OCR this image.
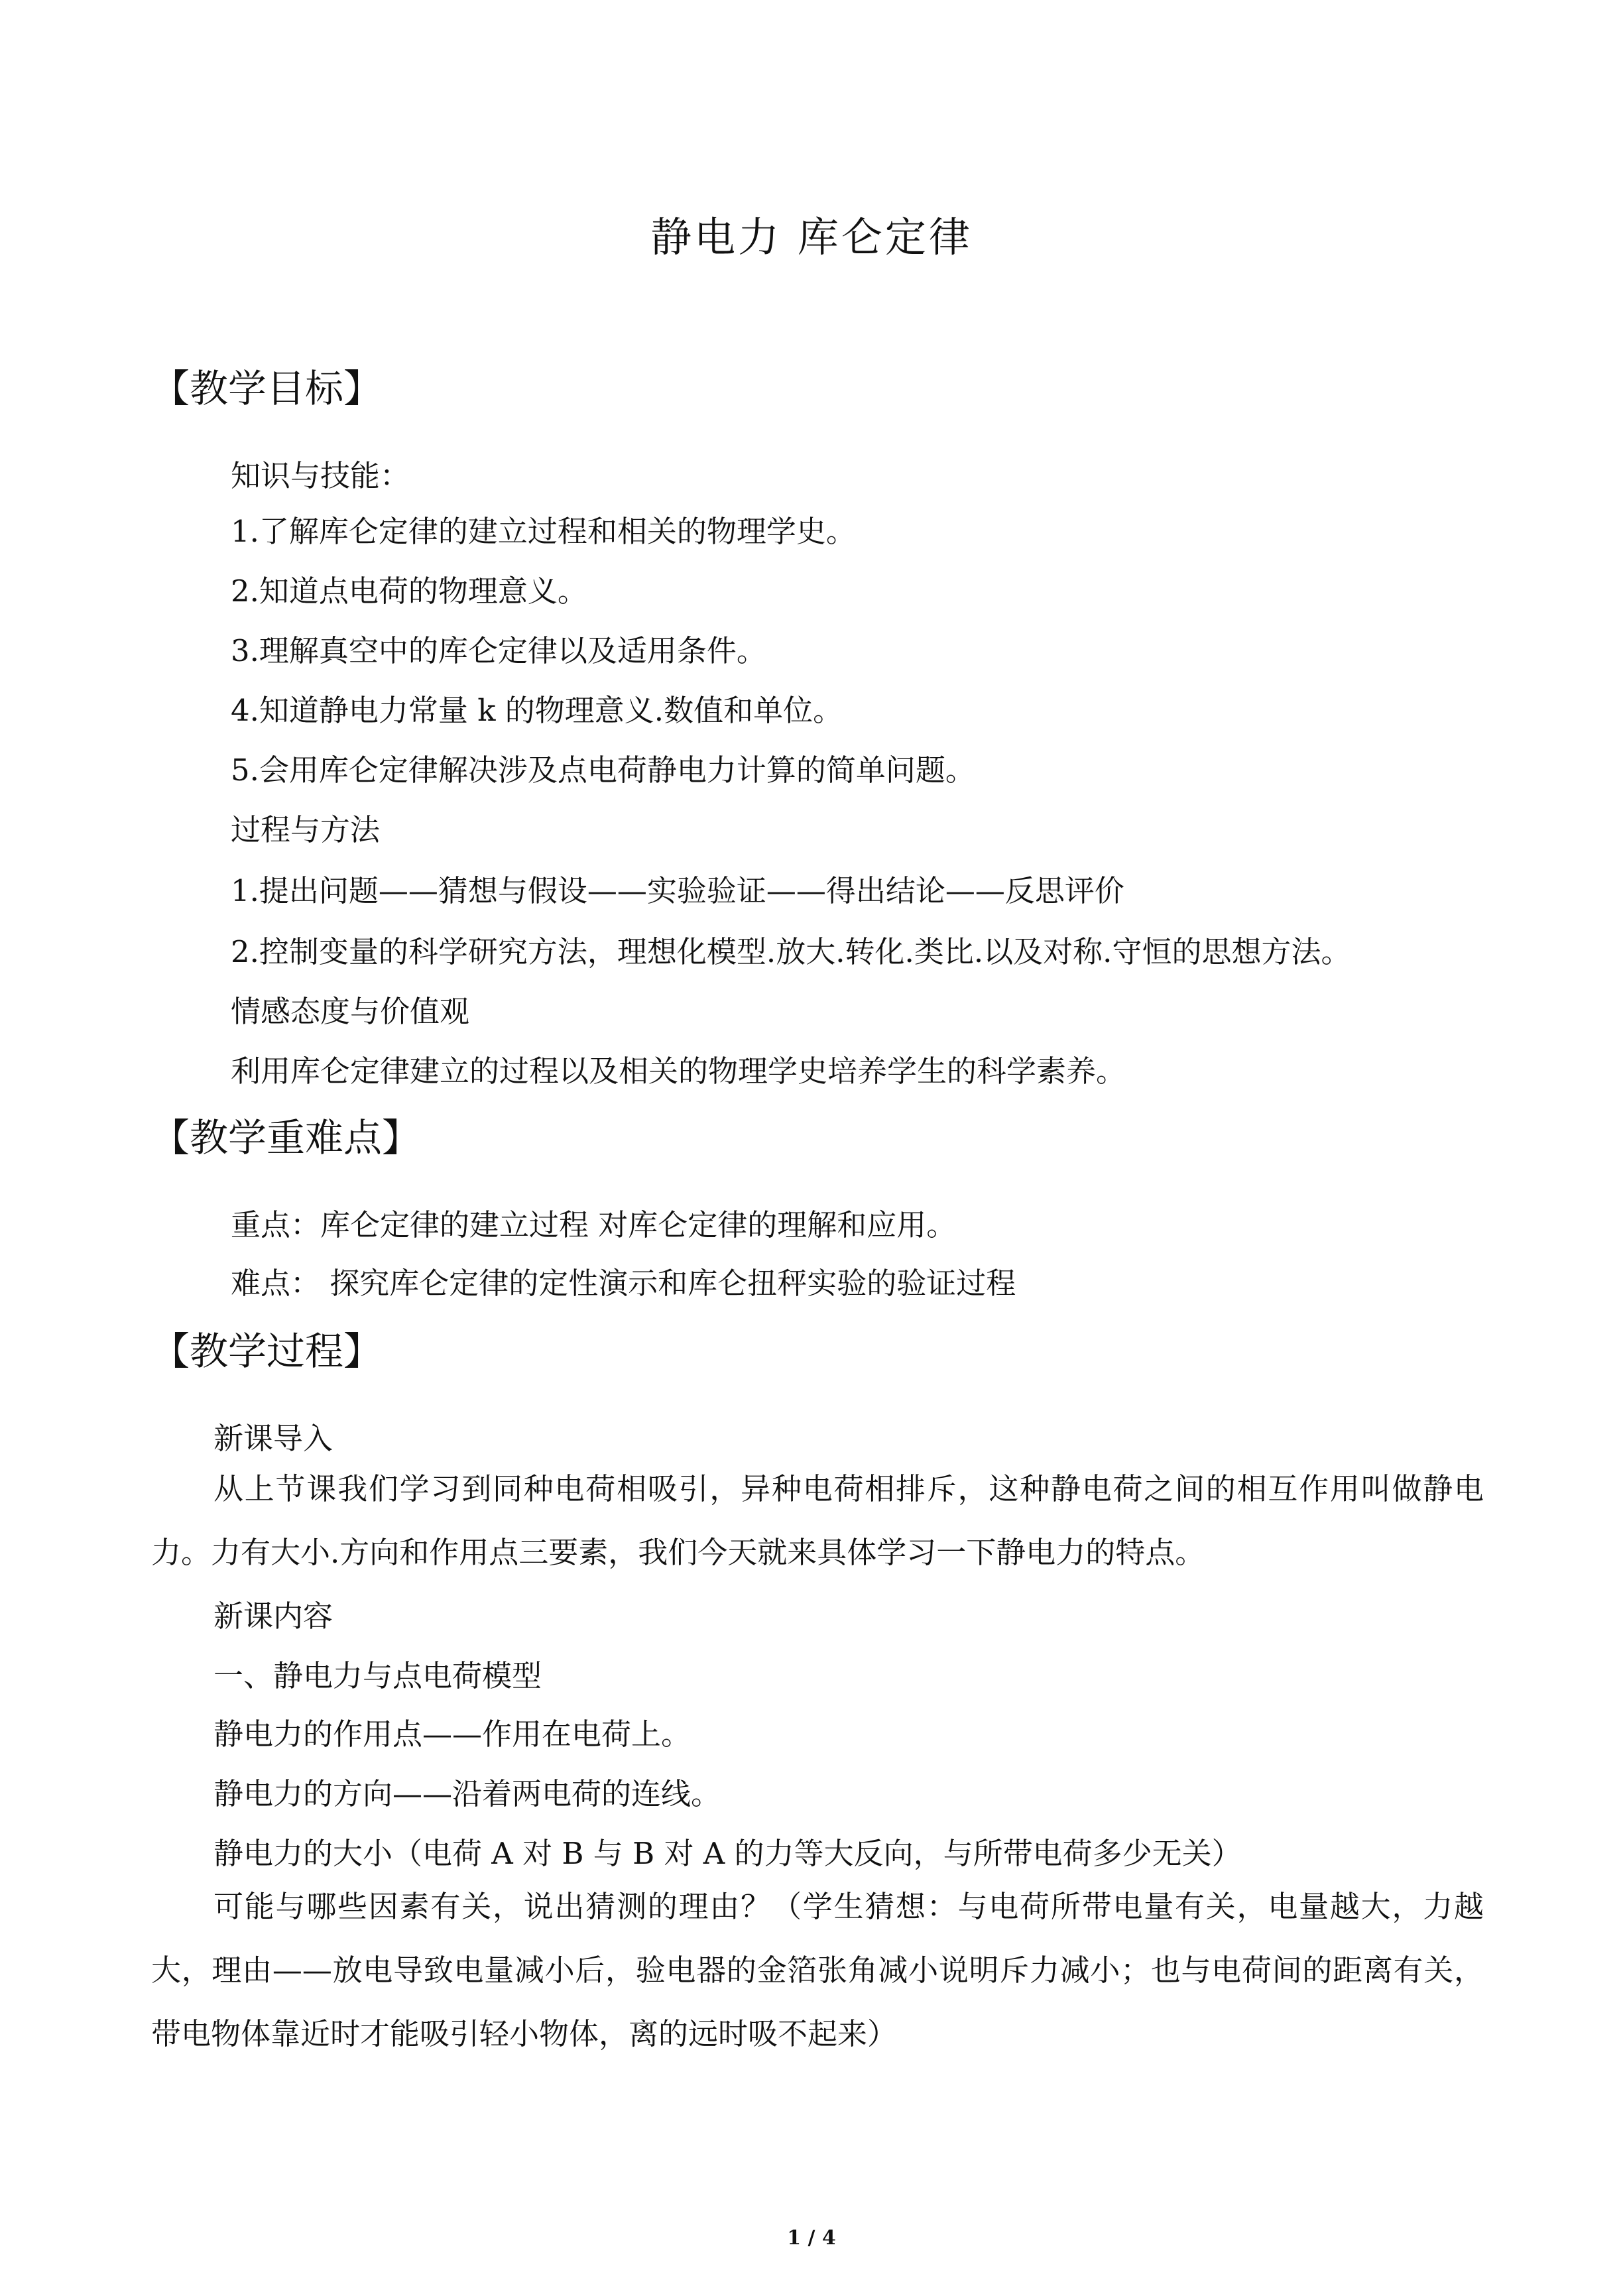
静电力 库仑定律
【教学目标】
知识与技能：
1.了解库仑定律的建立过程和相关的物理学史。
2.知道点电荷的物理意义。
3.理解真空中的库仑定律以及适用条件。
4.知道静电力常量 k 的物理意义.数值和单位。
5.会用库仑定律解决涉及点电荷静电力计算的简单问题。
过程与方法
1.提出问题——猜想与假设——实验验证——得出结论——反思评价
2.控制变量的科学研究方法，理想化模型.放大.转化.类比.以及对称.守恒的思想方法。
情感态度与价值观
利用库仑定律建立的过程以及相关的物理学史培养学生的科学素养。
【教学重难点】
重点：库仑定律的建立过程 对库仑定律的理解和应用。
难点： 探究库仑定律的定性演示和库仑扭秤实验的验证过程
【教学过程】
新课导入
从上节课我们学习到同种电荷相吸引，异种电荷相排斥，这种静电荷之间的相互作用叫做静电力。力有大小.方向和作用点三要素，我们今天就来具体学习一下静电力的特点。
新课内容
一、静电力与点电荷模型
静电力的作用点——作用在电荷上。
静电力的方向——沿着两电荷的连线。
静电力的大小（电荷 A 对 B 与 B 对 A 的力等大反向，与所带电荷多少无关）
可能与哪些因素有关，说出猜测的理由？（学生猜想：与电荷所带电量有关，电量越大，力越大，理由——放电导致电量减小后，验电器的金箔张角减小说明斥力减小；也与电荷间的距离有关，带电物体靠近时才能吸引轻小物体，离的远时吸不起来）
1 / 4
